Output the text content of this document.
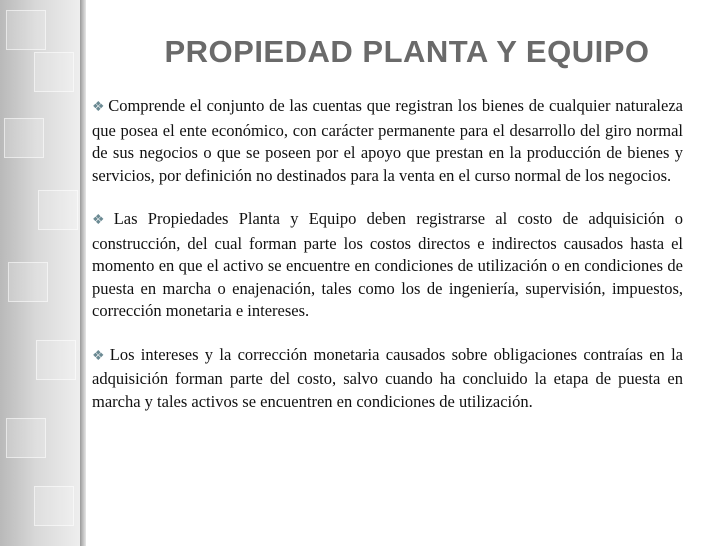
PROPIEDAD PLANTA Y EQUIPO

❖ Comprende el conjunto de las cuentas que registran los bienes de cualquier naturaleza que posea el ente económico, con carácter permanente para el desarrollo del giro normal de sus negocios o que se poseen por el apoyo que prestan en la producción de bienes y servicios, por definición no destinados para la venta en el curso normal de los negocios.

❖ Las Propiedades Planta y Equipo deben registrarse al costo de adquisición o construcción, del cual forman parte los costos directos e indirectos causados hasta el momento en que el activo se encuentre en condiciones de utilización o en condiciones de puesta en marcha o enajenación, tales como los de ingeniería, supervisión, impuestos, corrección monetaria e intereses.

❖ Los intereses y la corrección monetaria causados sobre obligaciones contraías en la adquisición forman parte del costo, salvo cuando ha concluido la etapa de puesta en marcha y tales activos se encuentren en condiciones de utilización.
